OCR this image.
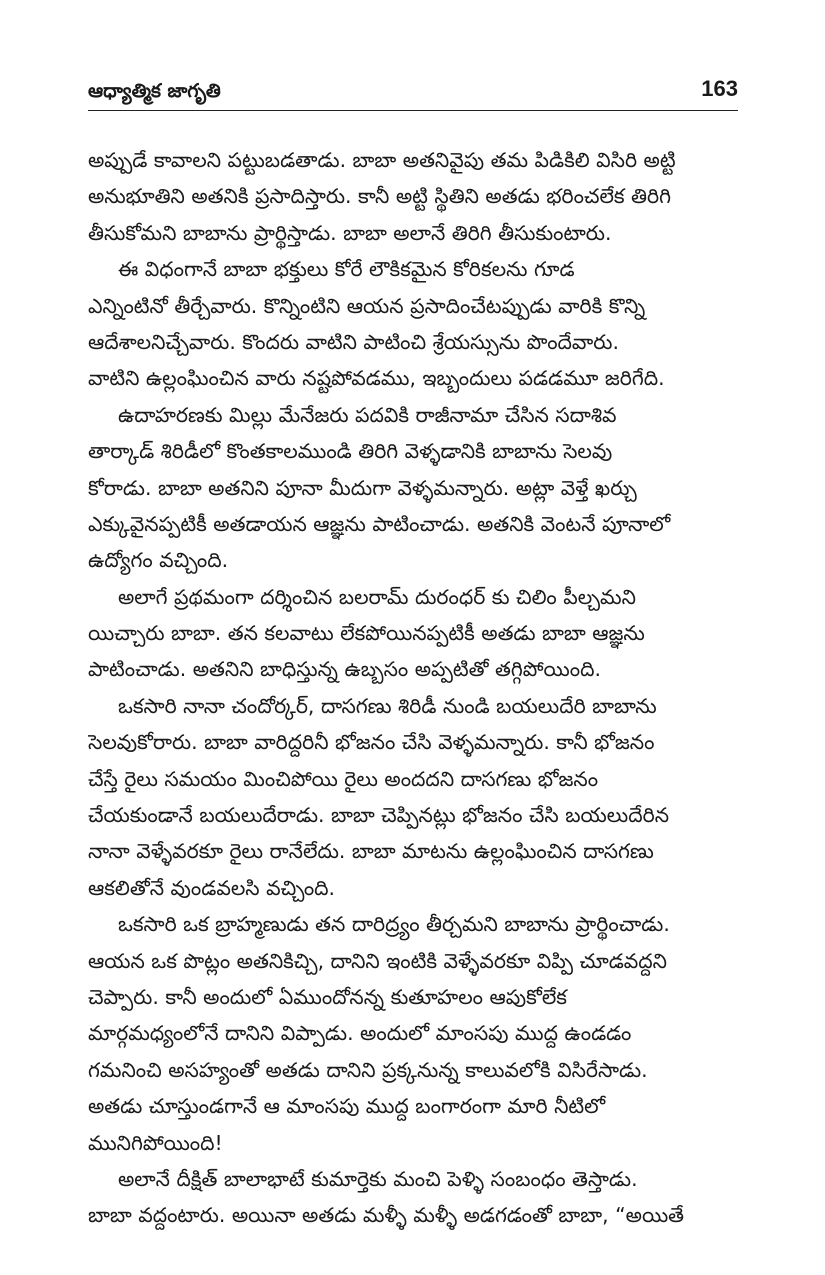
ఆధ్యాత్మిక జాగృతి	163
అప్పుడే కావాలని పట్టుబడతాడు. బాబా అతనివైపు తమ పిడికిలి విసిరి అట్టి
అనుభూతిని అతనికి ప్రసాదిస్తారు. కానీ అట్టి స్థితిని అతడు భరించలేక తిరిగి
తీసుకోమని బాబాను ప్రార్థిస్తాడు. బాబా అలానే తిరిగి తీసుకుంటారు.
ఈ విధంగానే బాబా భక్తులు కోరే లౌకికమైన కోరికలను గూడ
ఎన్నింటినో తీర్చేవారు. కొన్నింటిని ఆయన ప్రసాదించేటప్పుడు వారికి కొన్ని
ఆదేశాలనిచ్చేవారు. కొందరు వాటిని పాటించి శ్రేయస్సును పొందేవారు.
వాటిని ఉల్లంఘించిన వారు నష్టపోవడము, ఇబ్బందులు పడడమూ జరిగేది.
ఉదాహరణకు మిల్లు మేనేజరు పదవికి రాజీనామా చేసిన సదాశివ
తార్కాడ్ శిరిడీలో కొంతకాలముండి తిరిగి వెళ్ళడానికి బాబాను సెలవు
కోరాడు. బాబా అతనిని పూనా మీదుగా వెళ్ళమన్నారు. అట్లా వెళ్తే ఖర్చు
ఎక్కువైనప్పటికీ అతడాయన ఆజ్ఞను పాటించాడు. అతనికి వెంటనే పూనాలో
ఉద్యోగం వచ్చింది.
అలాగే ప్రథమంగా దర్శించిన బలరామ్ దురంధర్ కు చిలిం పీల్చమని
యిచ్చారు బాబా. తన కలవాటు లేకపోయినప్పటికీ అతడు బాబా ఆజ్ఞను
పాటించాడు. అతనిని బాధిస్తున్న ఉబ్బసం అప్పటితో తగ్గిపోయింది.
ఒకసారి నానా చందోర్కర్, దాసగణు శిరిడీ నుండి బయలుదేరి బాబాను
సెలవుకోరారు. బాబా వారిద్దరినీ భోజనం చేసి వెళ్ళమన్నారు. కానీ భోజనం
చేస్తే రైలు సమయం మించిపోయి రైలు అందదని దాసగణు భోజనం
చేయకుండానే బయలుదేరాడు. బాబా చెప్పినట్లు భోజనం చేసి బయలుదేరిన
నానా వెళ్ళేవరకూ రైలు రానేలేదు. బాబా మాటను ఉల్లంఘించిన దాసగణు
ఆకలితోనే వుండవలసి వచ్చింది.
ఒకసారి ఒక బ్రాహ్మణుడు తన దారిద్ర్యం తీర్చమని బాబాను ప్రార్థించాడు.
ఆయన ఒక పొట్లం అతనికిచ్చి, దానిని ఇంటికి వెళ్ళేవరకూ విప్పి చూడవద్దని
చెప్పారు. కానీ అందులో ఏముందోనన్న కుతూహలం ఆపుకోలేక
మార్గమధ్యంలోనే దానిని విప్పాడు. అందులో మాంసపు ముద్ద ఉండడం
గమనించి అసహ్యంతో అతడు దానిని ప్రక్కనున్న కాలువలోకి విసిరేసాడు.
అతడు చూస్తుండగానే ఆ మాంసపు ముద్ద బంగారంగా మారి నీటిలో
మునిగిపోయింది!
అలానే దీక్షిత్ బాలాభాటే కుమార్తెకు మంచి పెళ్ళి సంబంధం తెస్తాడు.
బాబా వద్దంటారు. అయినా అతడు మళ్ళీ మళ్ళీ అడగడంతో బాబా, “అయితే
